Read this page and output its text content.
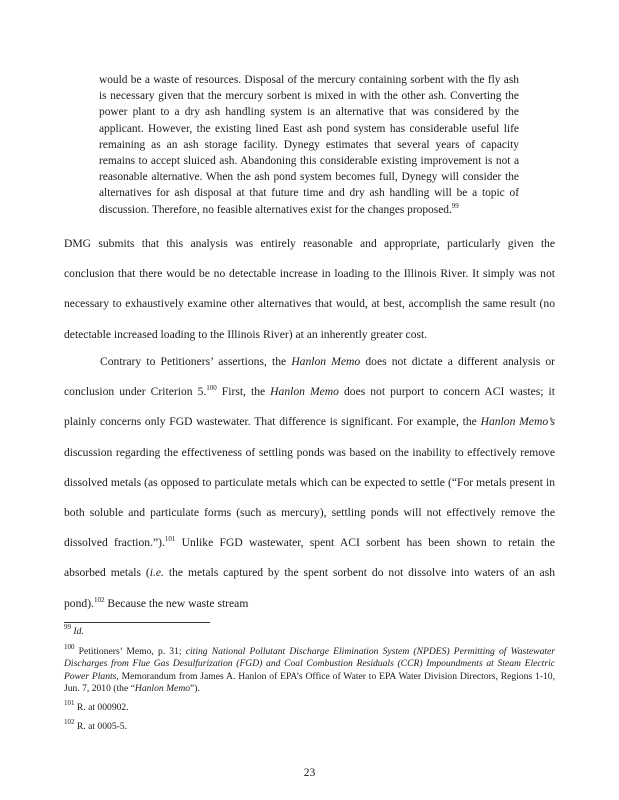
would be a waste of resources. Disposal of the mercury containing sorbent with the fly ash is necessary given that the mercury sorbent is mixed in with the other ash. Converting the power plant to a dry ash handling system is an alternative that was considered by the applicant. However, the existing lined East ash pond system has considerable useful life remaining as an ash storage facility. Dynegy estimates that several years of capacity remains to accept sluiced ash. Abandoning this considerable existing improvement is not a reasonable alternative. When the ash pond system becomes full, Dynegy will consider the alternatives for ash disposal at that future time and dry ash handling will be a topic of discussion. Therefore, no feasible alternatives exist for the changes proposed.$^{99}$

DMG submits that this analysis was entirely reasonable and appropriate, particularly given the conclusion that there would be no detectable increase in loading to the Illinois River. It simply was not necessary to exhaustively examine other alternatives that would, at best, accomplish the same result (no detectable increased loading to the Illinois River) at an inherently greater cost.

Contrary to Petitioners’ assertions, the Hanlon Memo does not dictate a different analysis or conclusion under Criterion 5.$^{100}$ First, the Hanlon Memo does not purport to concern ACI wastes; it plainly concerns only FGD wastewater. That difference is significant. For example, the Hanlon Memo’s discussion regarding the effectiveness of settling ponds was based on the inability to effectively remove dissolved metals (as opposed to particulate metals which can be expected to settle (“For metals present in both soluble and particulate forms (such as mercury), settling ponds will not effectively remove the dissolved fraction.”).$^{101}$ Unlike FGD wastewater, spent ACI sorbent has been shown to retain the absorbed metals (i.e. the metals captured by the spent sorbent do not dissolve into waters of an ash pond).$^{102}$ Because the new waste stream

$^{99}$ Id.

$^{100}$ Petitioners’ Memo, p. 31; citing National Pollutant Discharge Elimination System (NPDES) Permitting of Wastewater Discharges from Flue Gas Desulfurization (FGD) and Coal Combustion Residuals (CCR) Impoundments at Steam Electric Power Plants, Memorandum from James A. Hanlon of EPA’s Office of Water to EPA Water Division Directors, Regions 1-10, Jun. 7, 2010 (the “Hanlon Memo”).

$^{101}$ R. at 000902.

$^{102}$ R. at 0005-5.

23
